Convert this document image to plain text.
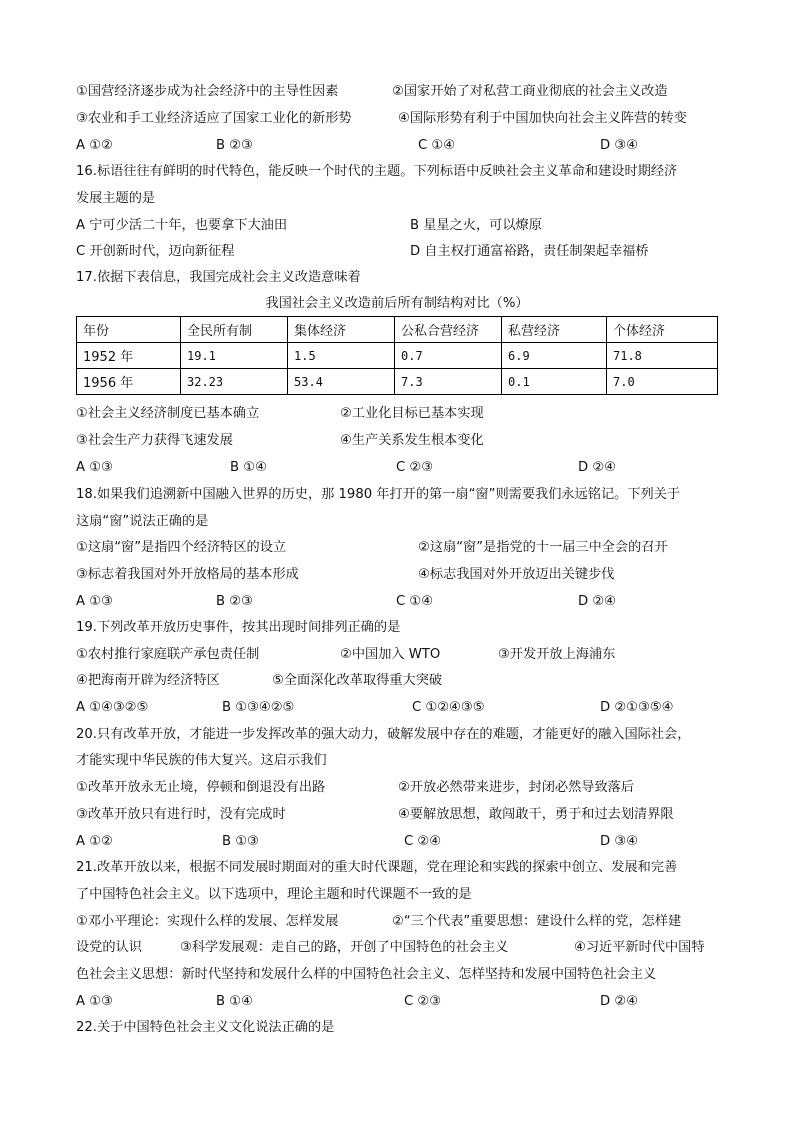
①国营经济逐步成为社会经济中的主导性因素	②国家开始了对私营工商业彻底的社会主义改造
③农业和手工业经济适应了国家工业化的新形势	④国际形势有利于中国加快向社会主义阵营的转变
A ①②	B ②③	C ①④	D ③④
16.标语往往有鲜明的时代特色，能反映一个时代的主题。下列标语中反映社会主义革命和建设时期经济
发展主题的是
A 宁可少活二十年，也要拿下大油田	B 星星之火，可以燎原
C 开创新时代，迈向新征程	D 自主权打通富裕路，责任制架起幸福桥
17.依据下表信息，我国完成社会主义改造意味着
我国社会主义改造前后所有制结构对比（%）
年份	全民所有制	集体经济	公私合营经济	私营经济	个体经济
1952 年	19.1	1.5	0.7	6.9	71.8
1956 年	32.23	53.4	7.3	0.1	7.0
①社会主义经济制度已基本确立	②工业化目标已基本实现
③社会生产力获得飞速发展	④生产关系发生根本变化
A ①③	B ①④	C ②③	D ②④
18.如果我们追溯新中国融入世界的历史，那 1980 年打开的第一扇“窗”则需要我们永远铭记。下列关于
这扇“窗”说法正确的是
①这扇“窗”是指四个经济特区的设立	②这扇“窗”是指党的十一届三中全会的召开
③标志着我国对外开放格局的基本形成	④标志我国对外开放迈出关键步伐
A ①③	B ②③	C ①④	D ②④
19.下列改革开放历史事件，按其出现时间排列正确的是
①农村推行家庭联产承包责任制	②中国加入 WTO	③开发开放上海浦东
④把海南开辟为经济特区	⑤全面深化改革取得重大突破
A ①④③②⑤	B ①③④②⑤	C ①②④③⑤	D ②①③⑤④
20.只有改革开放，才能进一步发挥改革的强大动力，破解发展中存在的难题，才能更好的融入国际社会，
才能实现中华民族的伟大复兴。这启示我们
①改革开放永无止境，停顿和倒退没有出路	②开放必然带来进步，封闭必然导致落后
③改革开放只有进行时，没有完成时	④要解放思想，敢闯敢干，勇于和过去划清界限
A ①②	B ①③	C ②④	D ③④
21.改革开放以来，根据不同发展时期面对的重大时代课题，党在理论和实践的探索中创立、发展和完善
了中国特色社会主义。以下选项中，理论主题和时代课题不一致的是
①邓小平理论：实现什么样的发展、怎样发展	②“三个代表”重要思想：建设什么样的党，怎样建
设党的认识	③科学发展观：走自己的路，开创了中国特色的社会主义	④习近平新时代中国特
色社会主义思想：新时代坚持和发展什么样的中国特色社会主义、怎样坚持和发展中国特色社会主义
A ①③	B ①④	C ②③	D ②④
22.关于中国特色社会主义文化说法正确的是
